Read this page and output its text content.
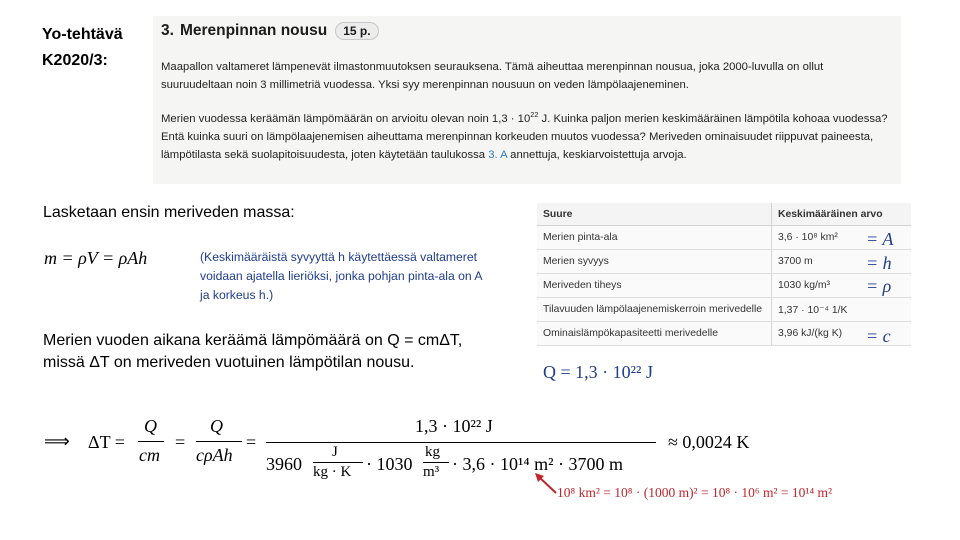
Yo-tehtävä
K2020/3:
3. Merenpinnan nousu	15 p.
Maapallon valtameret lämpenevät ilmastonmuutoksen seurauksena. Tämä aiheuttaa merenpinnan nousua, joka 2000-luvulla on ollut suuruudeltaan noin 3 millimetriä vuodessa. Yksi syy merenpinnan nousuun on veden lämpölaajeneminen.
Merien vuodessa keräämän lämpömäärän on arvioitu olevan noin $1,3 \cdot 10^{22}$ J. Kuinka paljon merien keskimääräinen lämpötila kohoaa vuodessa? Entä kuinka suuri on lämpölaajenemisen aiheuttama merenpinnan korkeuden muutos vuodessa? Meriveden ominaisuudet riippuvat paineesta, lämpötilasta sekä suolapitoisuudesta, joten käytetään taulukossa 3. A annettuja, keskiarvoistettuja arvoja.
Lasketaan ensin meriveden massa:
m = ρV = ρAh	(Keskimääräistä syvyyttä h käytettäessä valtameret voidaan ajatella lieriöksi, jonka pohjan pinta-ala on A ja korkeus h.)
Merien vuoden aikana keräämä lämpömäärä on Q = cmΔT, missä ΔT on meriveden vuotuinen lämpötilan nousu.
Suure	Keskimääräinen arvo
Merien pinta-ala	3,6 · 10⁸ km²
Merien syvyys	3700 m
Meriveden tiheys	1030 kg/m³
Tilavuuden lämpölaajenemiskerroin merivedelle	1,37 · 10⁻⁴ 1/K
Ominaislämpökapasiteetti merivedelle	3,96 kJ/(kg K)
= A
= h
= ρ
= c
Q = 1,3 · 10²² J
⟹ ΔT =
Q
cm
=
Q
cρAh
=
1,3 · 10²² J
3960
J
kg · K · 1030
kg
m³ · 3,6 · 10¹⁴ m² · 3700 m
≈ 0,0024 K
10⁸ km² = 10⁸ · (1000 m)² = 10⁸ · 10⁶ m² = 10¹⁴ m²
